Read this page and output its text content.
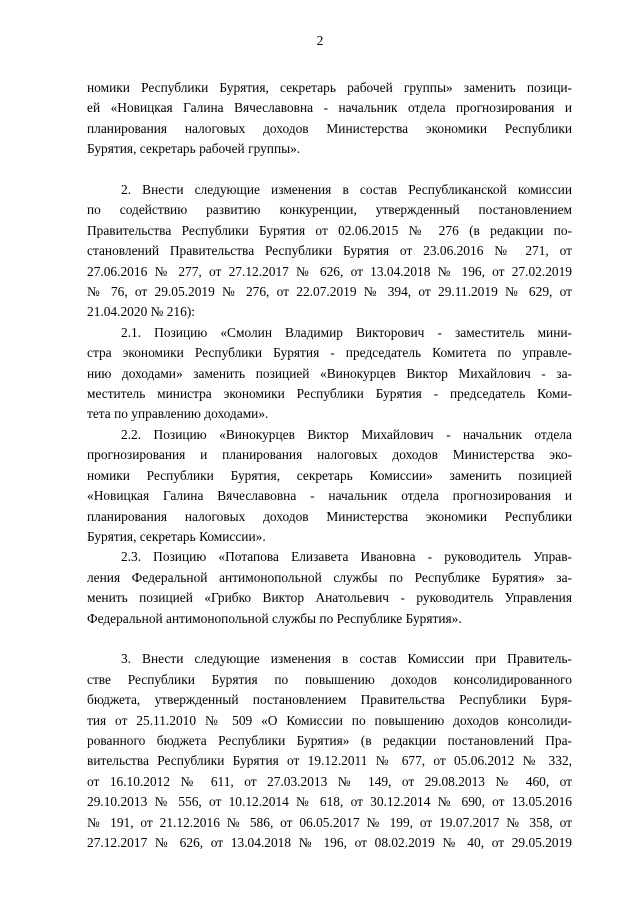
2
номики Республики Бурятия, секретарь рабочей группы» заменить позици-
ей «Новицкая Галина Вячеславовна - начальник отдела прогнозирования и
планирования налоговых доходов Министерства экономики Республики
Бурятия, секретарь рабочей группы».
2. Внести следующие изменения в состав Республиканской комиссии
по содействию развитию конкуренции, утвержденный постановлением
Правительства Республики Бурятия от 02.06.2015 № 276 (в редакции по-
становлений Правительства Республики Бурятия от 23.06.2016 № 271, от
27.06.2016 № 277, от 27.12.2017 № 626, от 13.04.2018 № 196, от 27.02.2019
№ 76, от 29.05.2019 № 276, от 22.07.2019 № 394, от 29.11.2019 № 629, от
21.04.2020 № 216):
2.1. Позицию «Смолин Владимир Викторович - заместитель мини-
стра экономики Республики Бурятия - председатель Комитета по управле-
нию доходами» заменить позицией «Винокурцев Виктор Михайлович - за-
меститель министра экономики Республики Бурятия - председатель Коми-
тета по управлению доходами».
2.2. Позицию «Винокурцев Виктор Михайлович - начальник отдела
прогнозирования и планирования налоговых доходов Министерства эко-
номики Республики Бурятия, секретарь Комиссии» заменить позицией
«Новицкая Галина Вячеславовна - начальник отдела прогнозирования и
планирования налоговых доходов Министерства экономики Республики
Бурятия, секретарь Комиссии».
2.3. Позицию «Потапова Елизавета Ивановна - руководитель Управ-
ления Федеральной антимонопольной службы по Республике Бурятия» за-
менить позицией «Грибко Виктор Анатольевич - руководитель Управления
Федеральной антимонопольной службы по Республике Бурятия».
3. Внести следующие изменения в состав Комиссии при Правитель-
стве Республики Бурятия по повышению доходов консолидированного
бюджета, утвержденный постановлением Правительства Республики Буря-
тия от 25.11.2010 № 509 «О Комиссии по повышению доходов консолиди-
рованного бюджета Республики Бурятия» (в редакции постановлений Пра-
вительства Республики Бурятия от 19.12.2011 № 677, от 05.06.2012 № 332,
от 16.10.2012 № 611, от 27.03.2013 № 149, от 29.08.2013 № 460, от
29.10.2013 № 556, от 10.12.2014 № 618, от 30.12.2014 № 690, от 13.05.2016
№ 191, от 21.12.2016 № 586, от 06.05.2017 № 199, от 19.07.2017 № 358, от
27.12.2017 № 626, от 13.04.2018 № 196, от 08.02.2019 № 40, от 29.05.2019
